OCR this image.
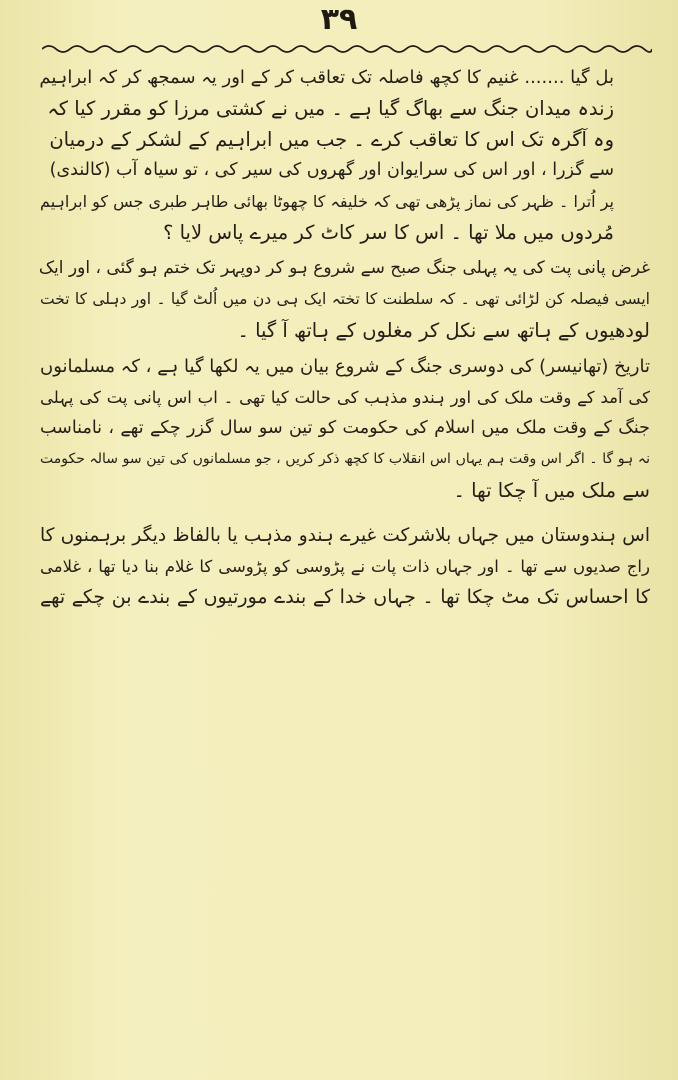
۳۹
بل گیا ....... غنیم کا کچھ فاصلہ تک تعاقب کر کے اور یہ سمجھ کر کہ ابراہیم
زندہ میدان جنگ سے بھاگ گیا ہے ۔ میں نے کشتی مرزا کو مقرر کیا کہ
وہ آگرہ تک اس کا تعاقب کرے ۔ جب میں ابراہیم کے لشکر کے درمیان
سے گزرا ، اور اس کی سرایوان اور گھروں کی سیر کی ، تو سیاہ آب (کالندی)
پر اُترا ۔ ظہر کی نماز پڑھی تھی کہ خلیفہ کا چھوٹا بھائی طاہر طبری جس کو ابراہیم
مُردوں میں ملا تھا ۔ اس کا سر کاٹ کر میرے پاس لایا ؟
غرض پانی پت کی یہ پہلی جنگ صبح سے شروع ہو کر دوپہر تک ختم ہو گئی ، اور ایک
ایسی فیصلہ کن لڑائی تھی ۔ کہ سلطنت کا تختہ ایک ہی دن میں اُلٹ گیا ۔ اور دہلی کا تخت
لودھیوں کے ہاتھ سے نکل کر مغلوں کے ہاتھ آ گیا ۔
تاریخ (تھانیسر) کی دوسری جنگ کے شروع بیان میں یہ لکھا گیا ہے ، کہ مسلمانوں
کی آمد کے وقت ملک کی اور ہندو مذہب کی حالت کیا تھی ۔ اب اس پانی پت کی پہلی
جنگ کے وقت ملک میں اسلام کی حکومت کو تین سو سال گزر چکے تھے ، نامناسب
نہ ہو گا ۔ اگر اس وقت ہم یہاں اس انقلاب کا کچھ ذکر کریں ، جو مسلمانوں کی تین سو سالہ حکومت
سے ملک میں آ چکا تھا ۔
اس ہندوستان میں جہاں بلاشرکت غیرے ہندو مذہب یا بالفاظ دیگر برہمنوں کا
راج صدیوں سے تھا ۔ اور جہاں ذات پات نے پڑوسی کو پڑوسی کا غلام بنا دیا تھا ، غلامی
کا احساس تک مٹ چکا تھا ۔ جہاں خدا کے بندے مورتیوں کے بندے بن چکے تھے
